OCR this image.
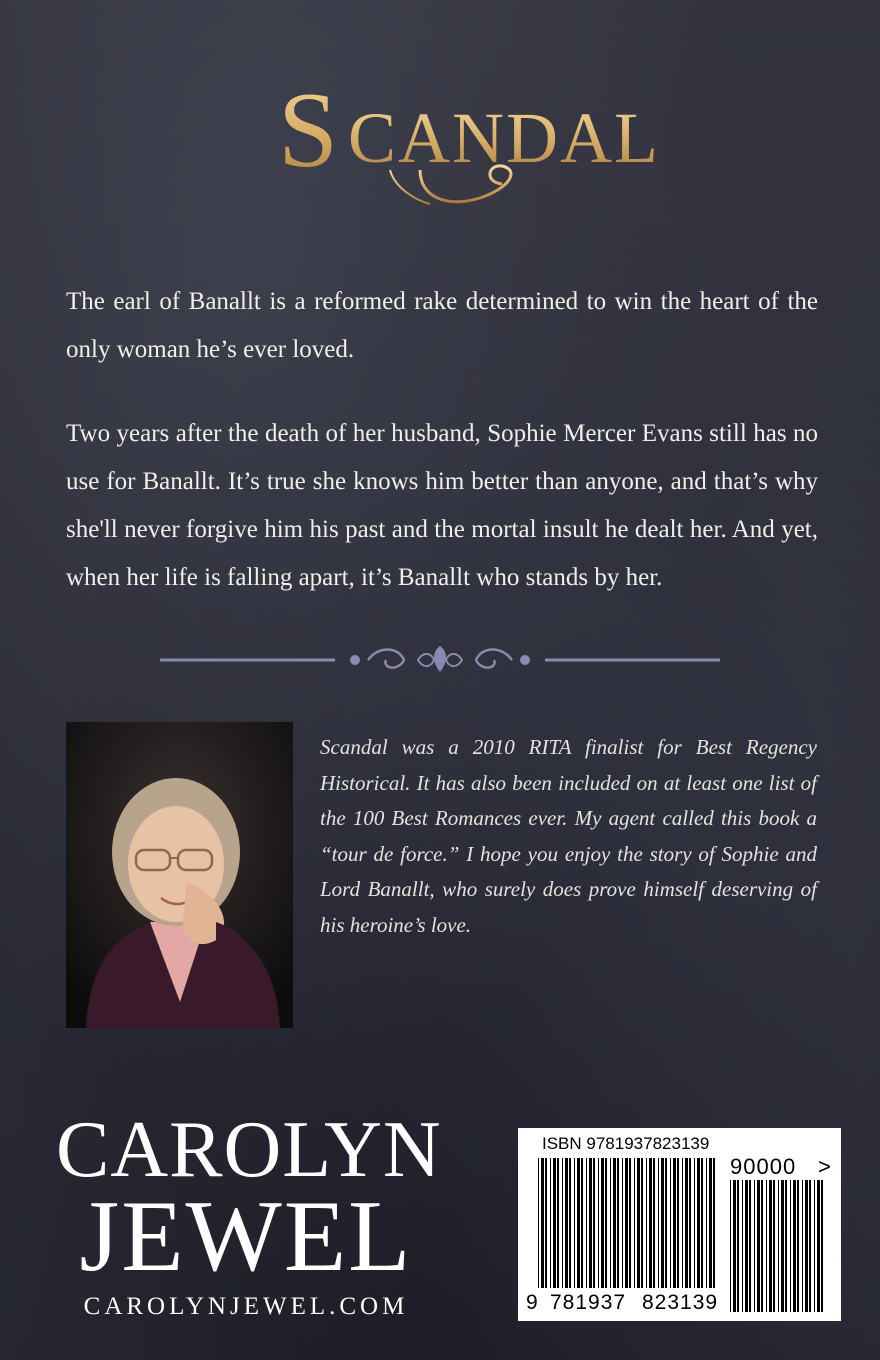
S CANDAL

The earl of Banallt is a reformed rake determined to win the heart of the only woman he’s ever loved.

Two years after the death of her husband, Sophie Mercer Evans still has no use for Banallt. It’s true she knows him better than anyone, and that’s why she'll never forgive him his past and the mortal insult he dealt her. And yet, when her life is falling apart, it’s Banallt who stands by her.

Scandal was a 2010 RITA finalist for Best Regency Historical. It has also been included on at least one list of the 100 Best Romances ever. My agent called this book a “tour de force.” I hope you enjoy the story of Sophie and Lord Banallt, who surely does prove himself deserving of his heroine’s love.

CAROLYN

JEWEL

CAROLYNJEWEL.COM

ISBN 9781937823139
90000 >
9 781937 823139
